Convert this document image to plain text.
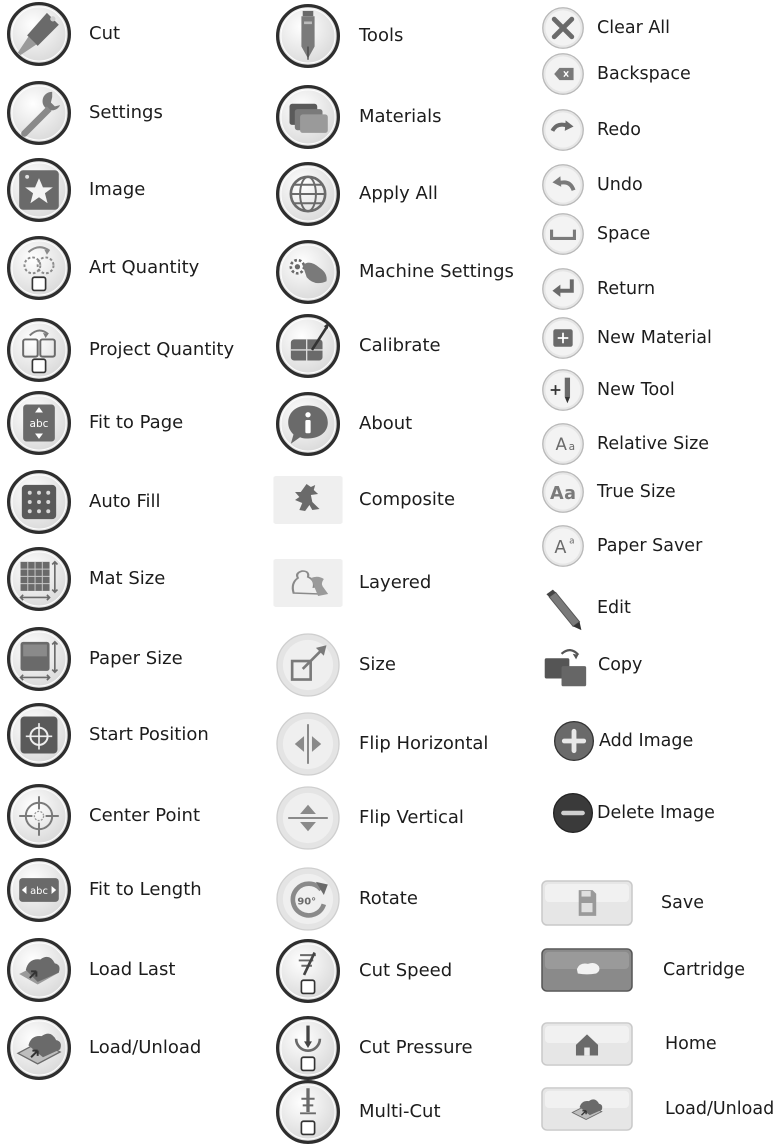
Cut
Settings
Image
Art Quantity
Project Quantity
abc Fit to Page
Auto Fill
Mat Size
Paper Size
Start Position
Center Point
abc Fit to Length
Load Last
Load/Unload
Tools
Materials
Apply All
Machine Settings
Calibrate
About
Composite
Layered
Size
Flip Horizontal
Flip Vertical
90° Rotate
Cut Speed
Cut Pressure
Multi-Cut
Clear All
Backspace
Redo
Undo
Space
Return
New Material
New Tool
A a Relative Size
A a True Size
A a Paper Saver
Edit
Copy
Add Image
Delete Image
Save
Cartridge
Home
Load/Unload
